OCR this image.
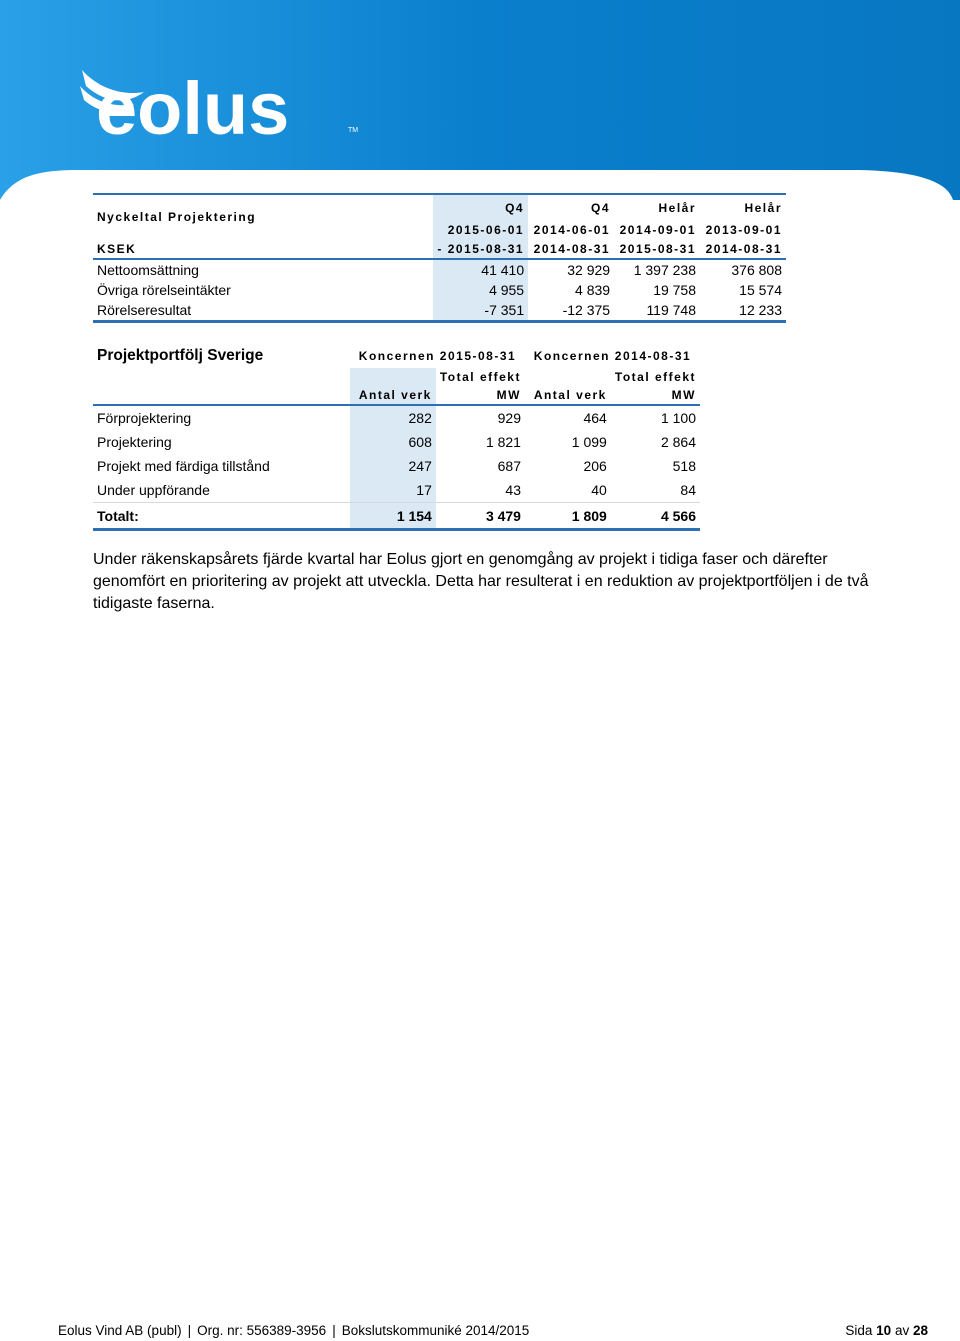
eolus	TM
Nyckeltal Projektering	Q4	Q4	Helår	Helår
	2015-06-01	2014-06-01	2014-09-01	2013-09-01
KSEK	- 2015-08-31	2014-08-31	2015-08-31	2014-08-31
Nettoomsättning	41 410	32 929	1 397 238	376 808
Övriga rörelseintäkter	4 955	4 839	19 758	15 574
Rörelseresultat	-7 351	-12 375	119 748	12 233
Projektportfölj Sverige	Koncernen 2015-08-31		Koncernen 2014-08-31	
		Total effekt		Total effekt
	Antal verk	MW	Antal verk	MW
Förprojektering	282	929	464	1 100
Projektering	608	1 821	1 099	2 864
Projekt med färdiga tillstånd	247	687	206	518
Under uppförande	17	43	40	84
Totalt:	1 154	3 479	1 809	4 566

Under räkenskapsårets fjärde kvartal har Eolus gjort en genomgång av projekt i tidiga faser och därefter genomfört en prioritering av projekt att utveckla. Detta har resulterat i en reduktion av projektportföljen i de två tidigaste faserna.

Eolus Vind AB (publ) | Org. nr: 556389-3956 | Bokslutskommuniké 2014/2015	Sida 10 av 28
